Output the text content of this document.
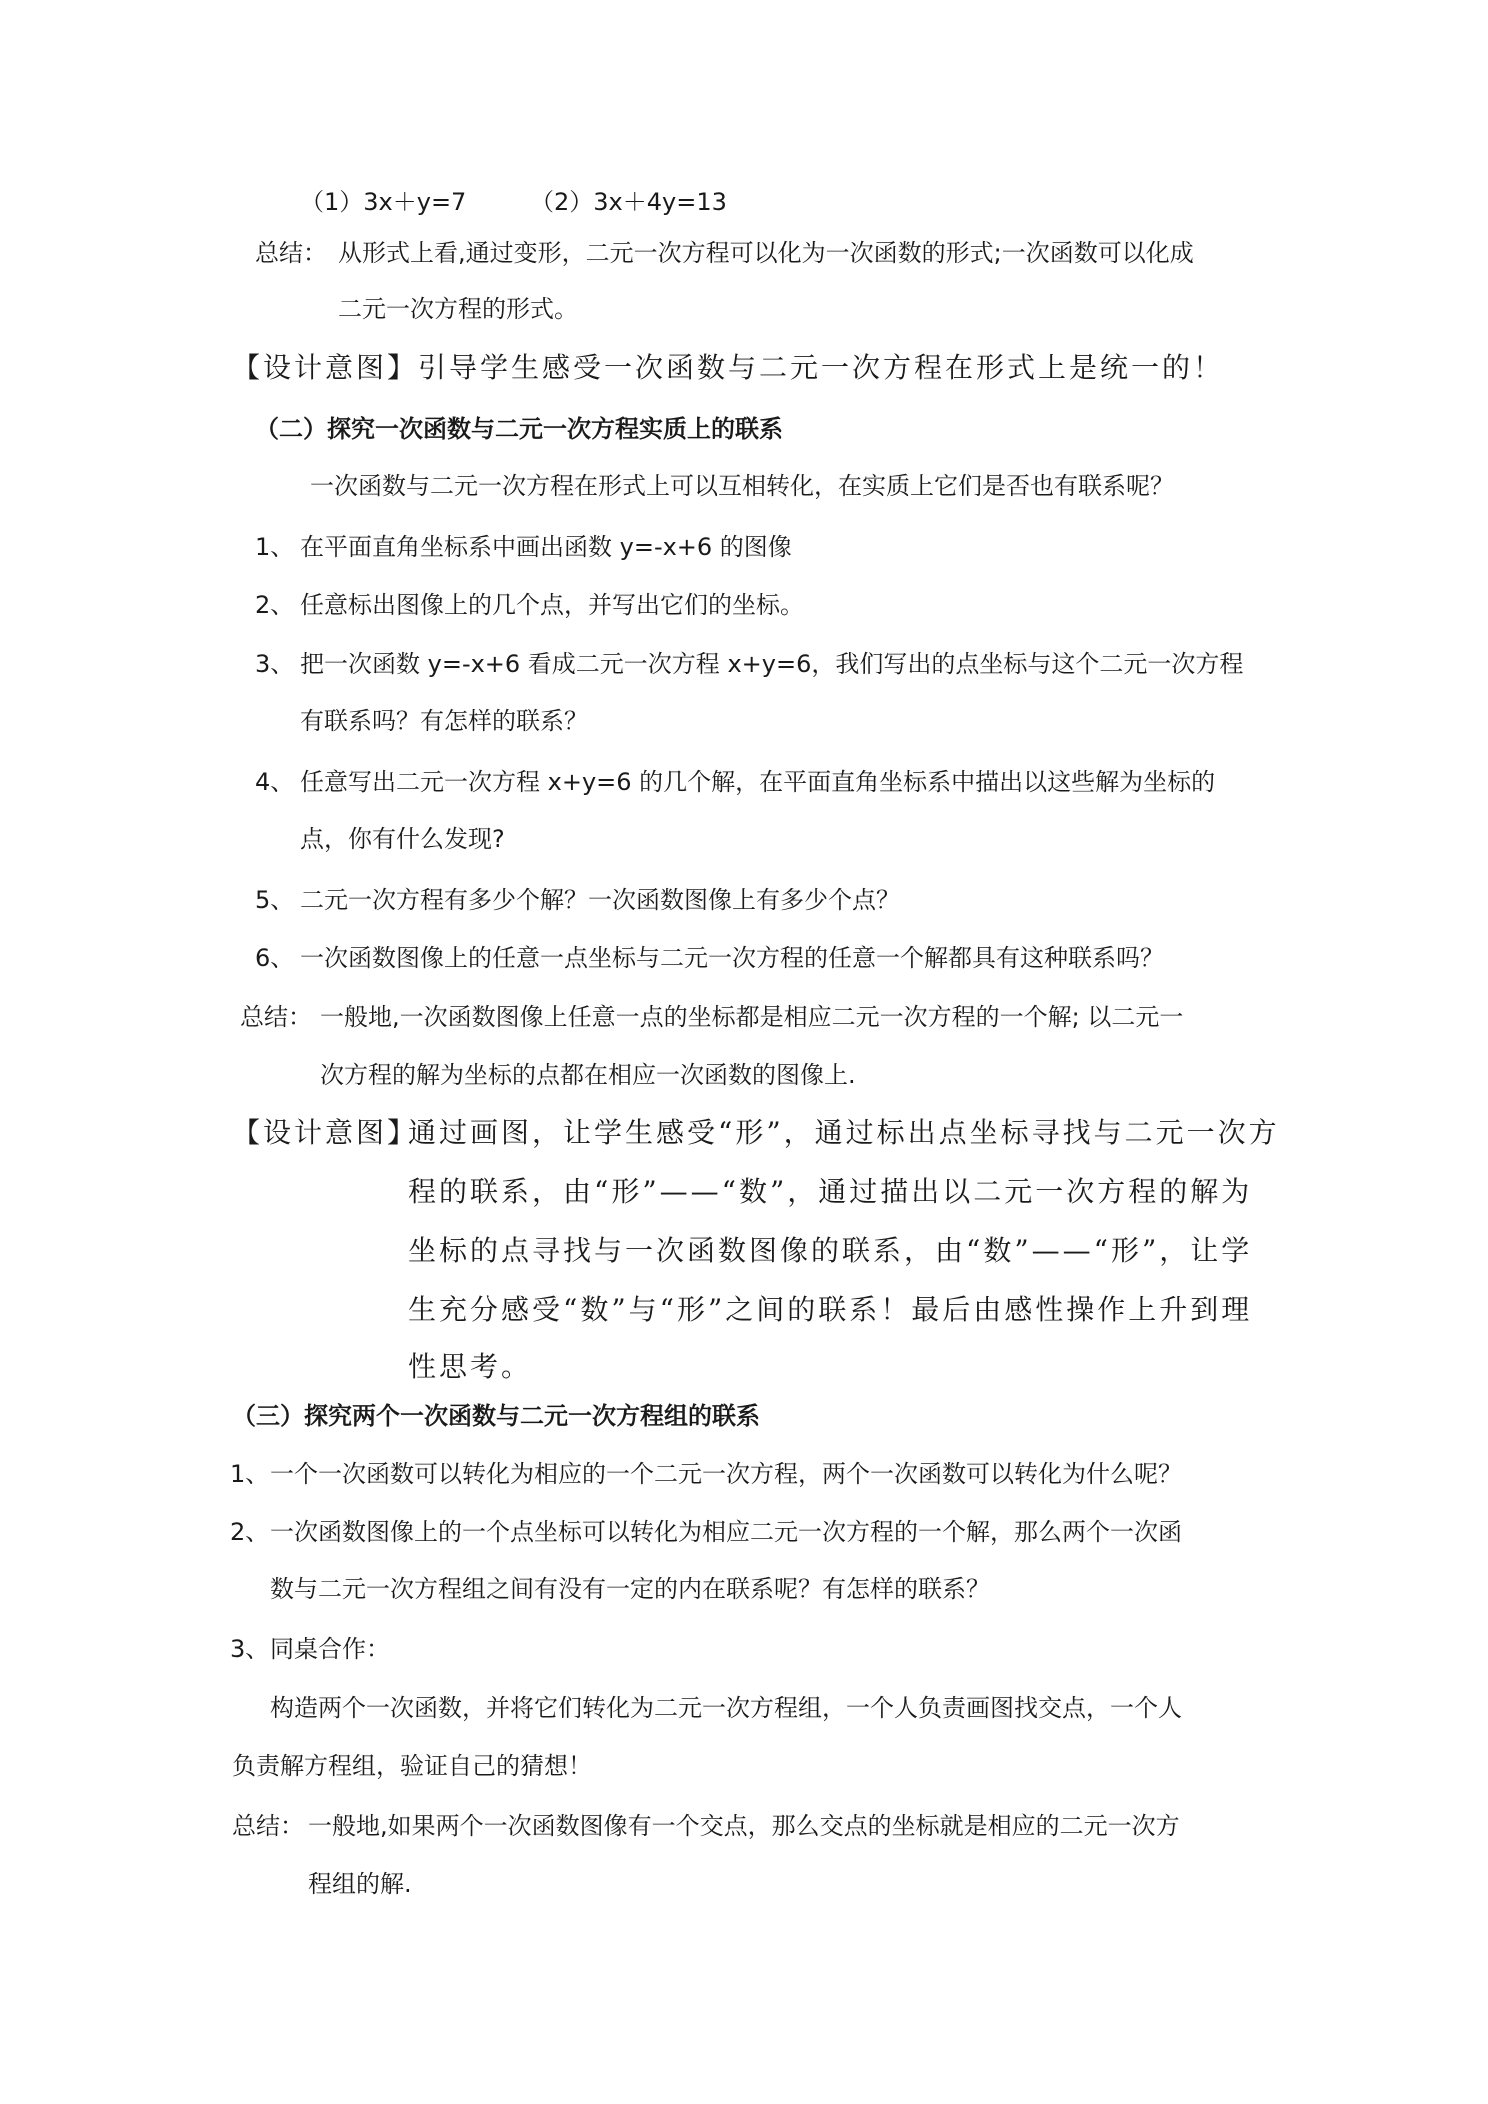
（1）3x＋y=7	（2）3x＋4y=13
总结： 从形式上看,通过变形，二元一次方程可以化为一次函数的形式;一次函数可以化成
二元一次方程的形式。
【设计意图】引导学生感受一次函数与二元一次方程在形式上是统一的！
（二）探究一次函数与二元一次方程实质上的联系
一次函数与二元一次方程在形式上可以互相转化，在实质上它们是否也有联系呢？
1、 在平面直角坐标系中画出函数 y=-x+6 的图像
2、 任意标出图像上的几个点，并写出它们的坐标。
3、 把一次函数 y=-x+6 看成二元一次方程 x+y=6，我们写出的点坐标与这个二元一次方程
有联系吗？有怎样的联系？
4、 任意写出二元一次方程 x+y=6 的几个解，在平面直角坐标系中描出以这些解为坐标的
点，你有什么发现?
5、 二元一次方程有多少个解？一次函数图像上有多少个点？
6、 一次函数图像上的任意一点坐标与二元一次方程的任意一个解都具有这种联系吗？
总结： 一般地,一次函数图像上任意一点的坐标都是相应二元一次方程的一个解; 以二元一
次方程的解为坐标的点都在相应一次函数的图像上.
【设计意图】
通过画图，让学生感受“形”，通过标出点坐标寻找与二元一次方
程的联系，由“形”——“数”，通过描出以二元一次方程的解为
坐标的点寻找与一次函数图像的联系，由“数”——“形”，让学
生充分感受“数”与“形”之间的联系！最后由感性操作上升到理
性思考。
（三）探究两个一次函数与二元一次方程组的联系
1、 一个一次函数可以转化为相应的一个二元一次方程，两个一次函数可以转化为什么呢？
2、 一次函数图像上的一个点坐标可以转化为相应二元一次方程的一个解，那么两个一次函
数与二元一次方程组之间有没有一定的内在联系呢？有怎样的联系？
3、 同桌合作：
构造两个一次函数，并将它们转化为二元一次方程组，一个人负责画图找交点，一个人
负责解方程组，验证自己的猜想！
总结： 一般地,如果两个一次函数图像有一个交点，那么交点的坐标就是相应的二元一次方
程组的解.
